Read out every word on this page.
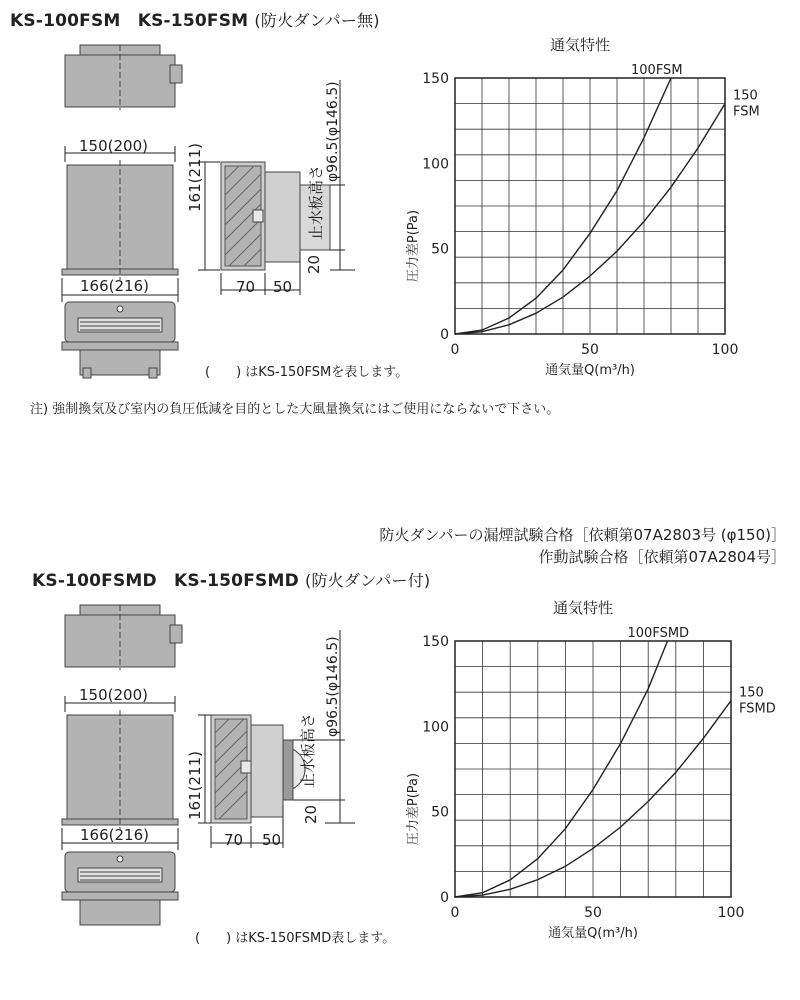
KS-100FSM　KS-150FSM (防火ダンパー無)
150(200)
166(216)
161(211)
70 50
20
φ96.5(φ146.5)
止水板高さ
(　　) はKS-150FSMを表します。
注) 強制換気及び室内の負圧低減を目的とした大風量換気にはご使用にならないで下さい。
通気特性
0	50	100
0
50
100
150
通気量Q(m³/h)
圧力差P(Pa)
100FSM
150
FSM
防火ダンパーの漏煙試験合格［依頼第07A2803号 (φ150)］
作動試験合格［依頼第07A2804号］
KS-100FSMD　KS-150FSMD (防火ダンパー付)
150(200)
166(216)
161(211)
70 50
20
φ96.5(φ146.5)
止水板高さ
(　　) はKS-150FSMD表します。
通気特性
0	50	100
0
50
100
150
通気量Q(m³/h)
圧力差P(Pa)
100FSMD
150
FSMD
